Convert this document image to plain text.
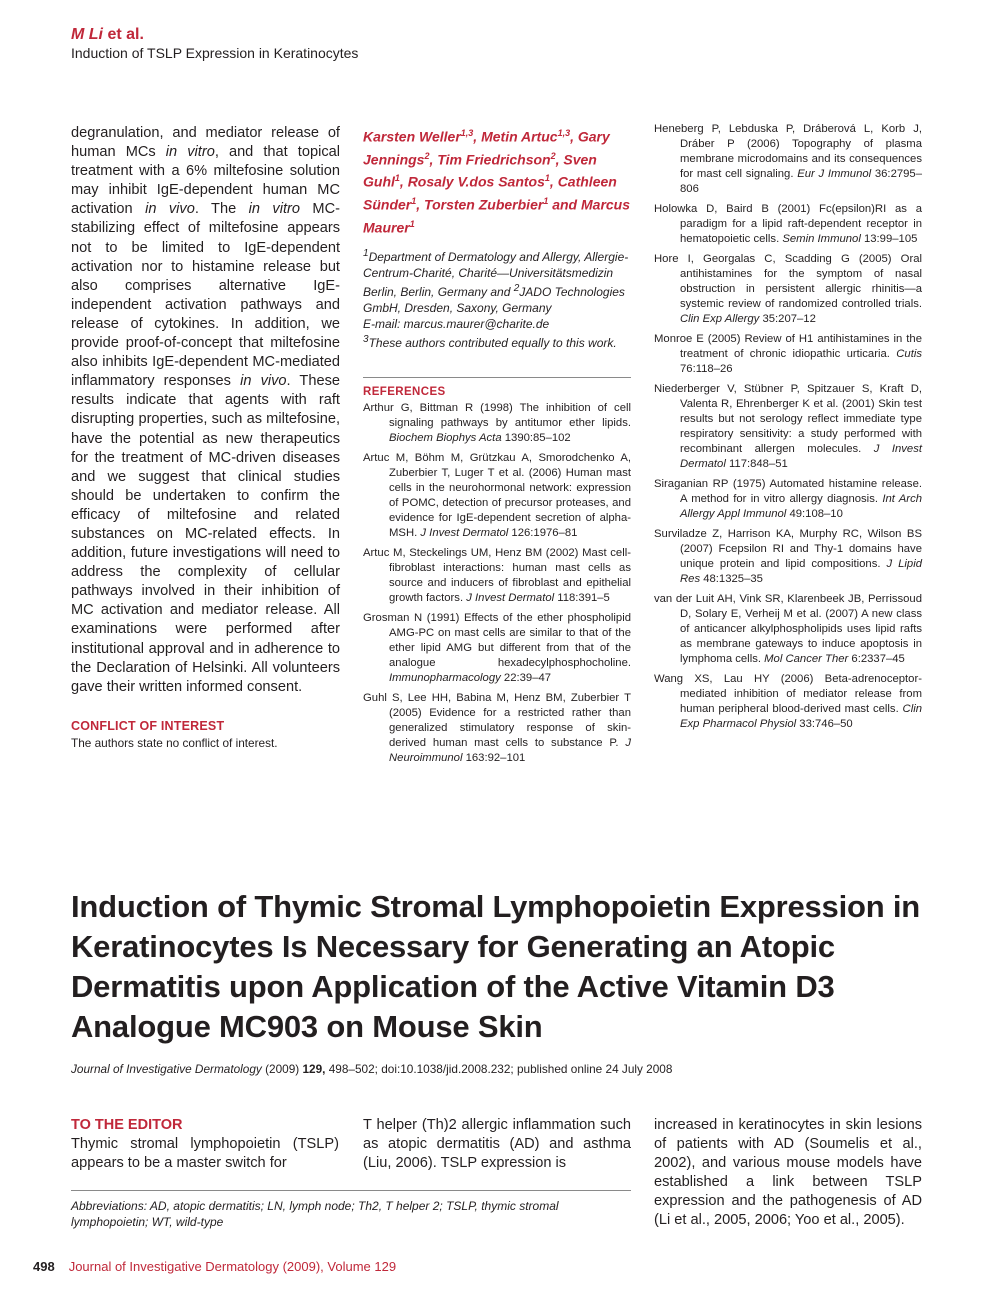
M Li et al.
Induction of TSLP Expression in Keratinocytes

degranulation, and mediator release of human MCs in vitro, and that topical treatment with a 6% miltefosine solution may inhibit IgE-dependent human MC activation in vivo. The in vitro MC-stabilizing effect of miltefosine appears not to be limited to IgE-dependent activation nor to histamine release but also comprises alternative IgE-independent activation pathways and release of cytokines. In addition, we provide proof-of-concept that miltefosine also inhibits IgE-dependent MC-mediated inflammatory responses in vivo. These results indicate that agents with raft disrupting properties, such as miltefosine, have the potential as new therapeutics for the treatment of MC-driven diseases and we suggest that clinical studies should be undertaken to confirm the efficacy of miltefosine and related substances on MC-related effects. In addition, future investigations will need to address the complexity of cellular pathways involved in their inhibition of MC activation and mediator release. All examinations were performed after institutional approval and in adherence to the Declaration of Helsinki. All volunteers gave their written informed consent.

CONFLICT OF INTEREST

The authors state no conflict of interest.

Karsten Weller$^{1,3}$, Metin Artuc$^{1,3}$, Gary Jennings$^2$, Tim Friedrichson$^2$, Sven Guhl$^1$, Rosaly V.dos Santos$^1$, Cathleen Sünder$^1$, Torsten Zuberbier$^1$ and Marcus Maurer$^1$

$^1$Department of Dermatology and Allergy, Allergie-Centrum-Charité, Charité—Universitätsmedizin Berlin, Berlin, Germany and $^2$JADO Technologies GmbH, Dresden, Saxony, Germany

E-mail: marcus.maurer@charite.de

$^3$These authors contributed equally to this work.

REFERENCES

Arthur G, Bittman R (1998) The inhibition of cell signaling pathways by antitumor ether lipids. Biochem Biophys Acta 1390:85–102

Artuc M, Böhm M, Grützkau A, Smorodchenko A, Zuberbier T, Luger T et al. (2006) Human mast cells in the neurohormonal network: expression of POMC, detection of precursor proteases, and evidence for IgE-dependent secretion of alpha-MSH. J Invest Dermatol 126:1976–81

Artuc M, Steckelings UM, Henz BM (2002) Mast cell-fibroblast interactions: human mast cells as source and inducers of fibroblast and epithelial growth factors. J Invest Dermatol 118:391–5

Grosman N (1991) Effects of the ether phospholipid AMG-PC on mast cells are similar to that of the ether lipid AMG but different from that of the analogue hexadecylphosphocholine. Immunopharmacology 22:39–47

Guhl S, Lee HH, Babina M, Henz BM, Zuberbier T (2005) Evidence for a restricted rather than generalized stimulatory response of skin-derived human mast cells to substance P. J Neuroimmunol 163:92–101

Heneberg P, Lebduska P, Dráberová L, Korb J, Dráber P (2006) Topography of plasma membrane microdomains and its consequences for mast cell signaling. Eur J Immunol 36:2795–806

Holowka D, Baird B (2001) Fc(epsilon)RI as a paradigm for a lipid raft-dependent receptor in hematopoietic cells. Semin Immunol 13:99–105

Hore I, Georgalas C, Scadding G (2005) Oral antihistamines for the symptom of nasal obstruction in persistent allergic rhinitis—a systemic review of randomized controlled trials. Clin Exp Allergy 35:207–12

Monroe E (2005) Review of H1 antihistamines in the treatment of chronic idiopathic urticaria. Cutis 76:118–26

Niederberger V, Stübner P, Spitzauer S, Kraft D, Valenta R, Ehrenberger K et al. (2001) Skin test results but not serology reflect immediate type respiratory sensitivity: a study performed with recombinant allergen molecules. J Invest Dermatol 117:848–51

Siraganian RP (1975) Automated histamine release. A method for in vitro allergy diagnosis. Int Arch Allergy Appl Immunol 49:108–10

Surviladze Z, Harrison KA, Murphy RC, Wilson BS (2007) Fcepsilon RI and Thy-1 domains have unique protein and lipid compositions. J Lipid Res 48:1325–35

van der Luit AH, Vink SR, Klarenbeek JB, Perrissoud D, Solary E, Verheij M et al. (2007) A new class of anticancer alkylphospholipids uses lipid rafts as membrane gateways to induce apoptosis in lymphoma cells. Mol Cancer Ther 6:2337–45

Wang XS, Lau HY (2006) Beta-adrenoceptor-mediated inhibition of mediator release from human peripheral blood-derived mast cells. Clin Exp Pharmacol Physiol 33:746–50

Induction of Thymic Stromal Lymphopoietin Expression in Keratinocytes Is Necessary for Generating an Atopic Dermatitis upon Application of the Active Vitamin D3 Analogue MC903 on Mouse Skin
Journal of Investigative Dermatology (2009) 129, 498–502; doi:10.1038/jid.2008.232; published online 24 July 2008
TO THE EDITOR

Thymic stromal lymphopoietin (TSLP) appears to be a master switch for

T helper (Th)2 allergic inflammation such as atopic dermatitis (AD) and asthma (Liu, 2006). TSLP expression is

increased in keratinocytes in skin lesions of patients with AD (Soumelis et al., 2002), and various mouse models have established a link between TSLP expression and the pathogenesis of AD (Li et al., 2005, 2006; Yoo et al., 2005).

Abbreviations: AD, atopic dermatitis; LN, lymph node; Th2, T helper 2; TSLP, thymic stromal lymphopoietin; WT, wild-type

498 Journal of Investigative Dermatology (2009), Volume 129
